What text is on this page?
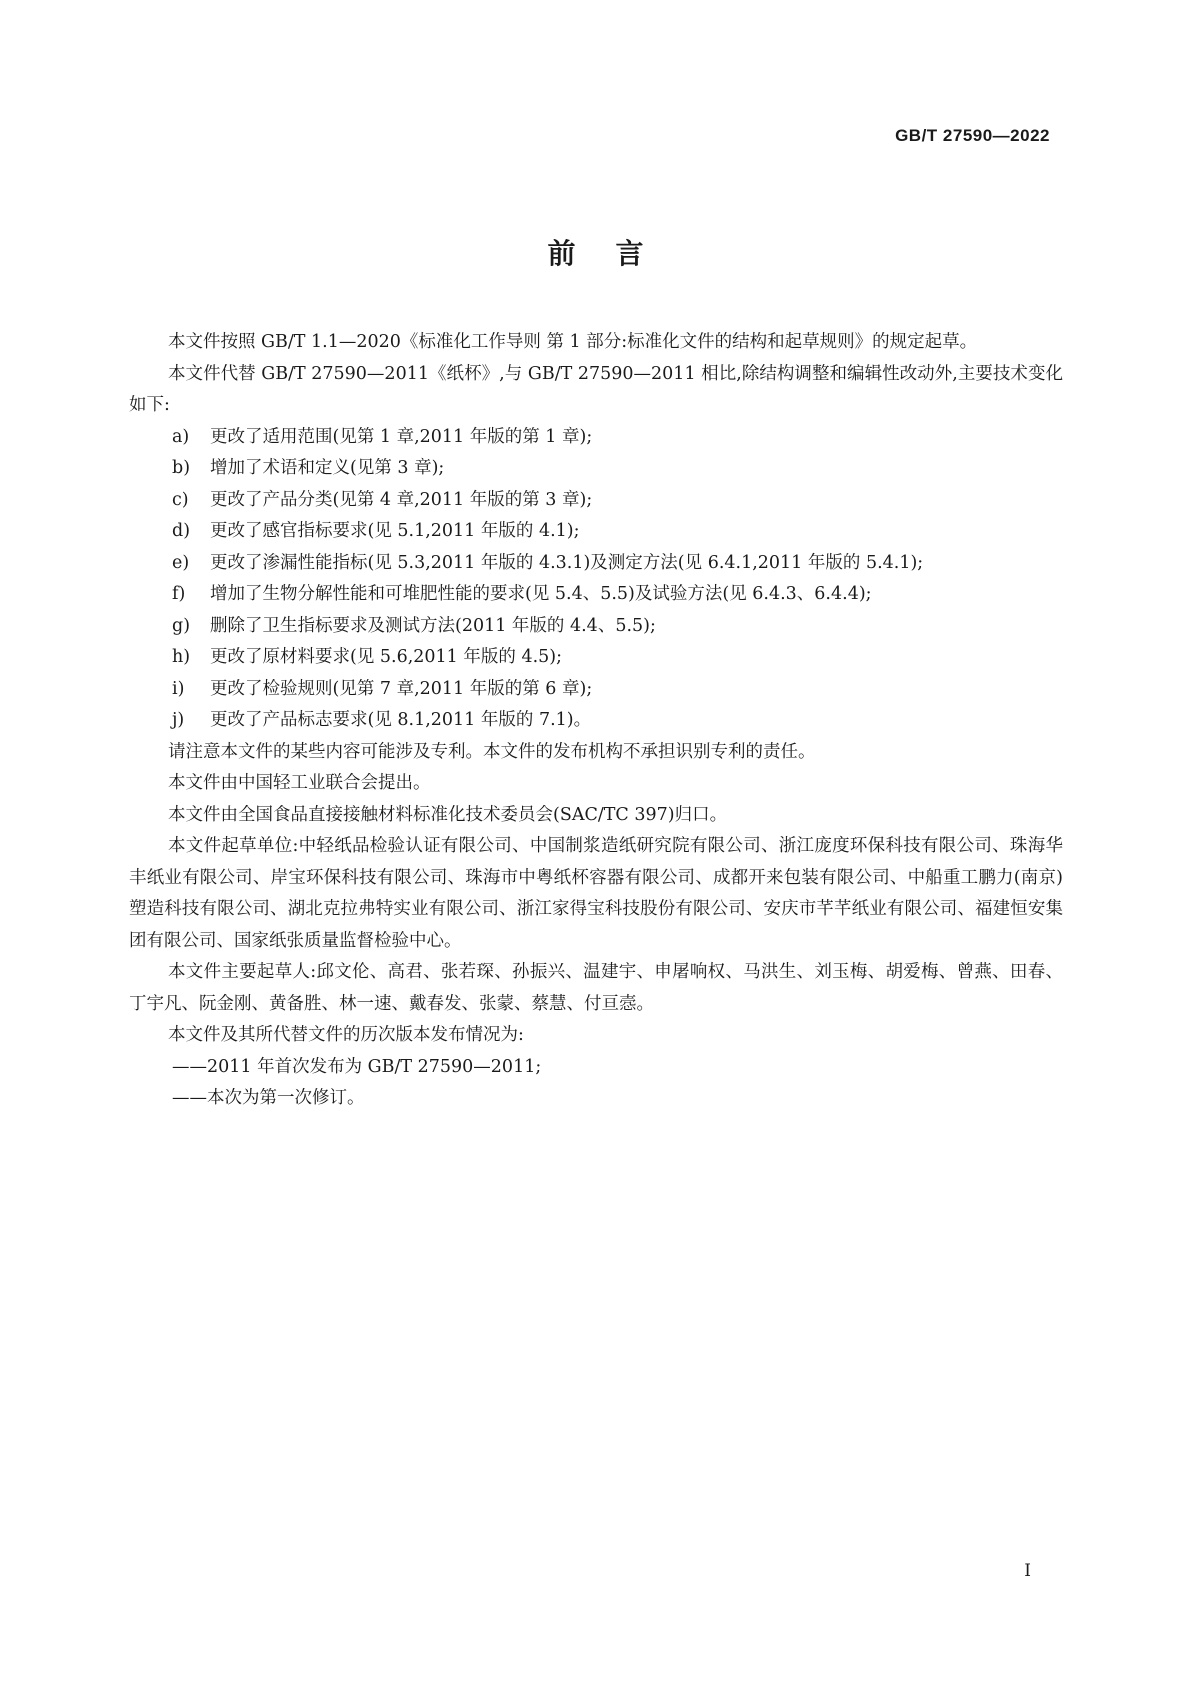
GB/T 27590—2022
前言

本文件按照 GB/T 1.1—2020《标准化工作导则 第 1 部分:标准化文件的结构和起草规则》的规定起草。

本文件代替 GB/T 27590—2011《纸杯》,与 GB/T 27590—2011 相比,除结构调整和编辑性改动外,主要技术变化如下:

a) 更改了适用范围(见第 1 章,2011 年版的第 1 章);

b) 增加了术语和定义(见第 3 章);

c) 更改了产品分类(见第 4 章,2011 年版的第 3 章);

d) 更改了感官指标要求(见 5.1,2011 年版的 4.1);

e) 更改了渗漏性能指标(见 5.3,2011 年版的 4.3.1)及测定方法(见 6.4.1,2011 年版的 5.4.1);

f) 增加了生物分解性能和可堆肥性能的要求(见 5.4、5.5)及试验方法(见 6.4.3、6.4.4);

g) 删除了卫生指标要求及测试方法(2011 年版的 4.4、5.5);

h) 更改了原材料要求(见 5.6,2011 年版的 4.5);

i) 更改了检验规则(见第 7 章,2011 年版的第 6 章);

j) 更改了产品标志要求(见 8.1,2011 年版的 7.1)。

请注意本文件的某些内容可能涉及专利。本文件的发布机构不承担识别专利的责任。

本文件由中国轻工业联合会提出。

本文件由全国食品直接接触材料标准化技术委员会(SAC/TC 397)归口。

本文件起草单位:中轻纸品检验认证有限公司、中国制浆造纸研究院有限公司、浙江庞度环保科技有限公司、珠海华丰纸业有限公司、岸宝环保科技有限公司、珠海市中粤纸杯容器有限公司、成都开来包装有限公司、中船重工鹏力(南京)塑造科技有限公司、湖北克拉弗特实业有限公司、浙江家得宝科技股份有限公司、安庆市芊芊纸业有限公司、福建恒安集团有限公司、国家纸张质量监督检验中心。

本文件主要起草人:邱文伦、高君、张若琛、孙振兴、温建宇、申屠响权、马洪生、刘玉梅、胡爱梅、曾燕、田春、丁宇凡、阮金刚、黄备胜、林一速、戴春发、张蒙、蔡慧、付亘悫。

本文件及其所代替文件的历次版本发布情况为:

——2011 年首次发布为 GB/T 27590—2011;

——本次为第一次修订。

I
